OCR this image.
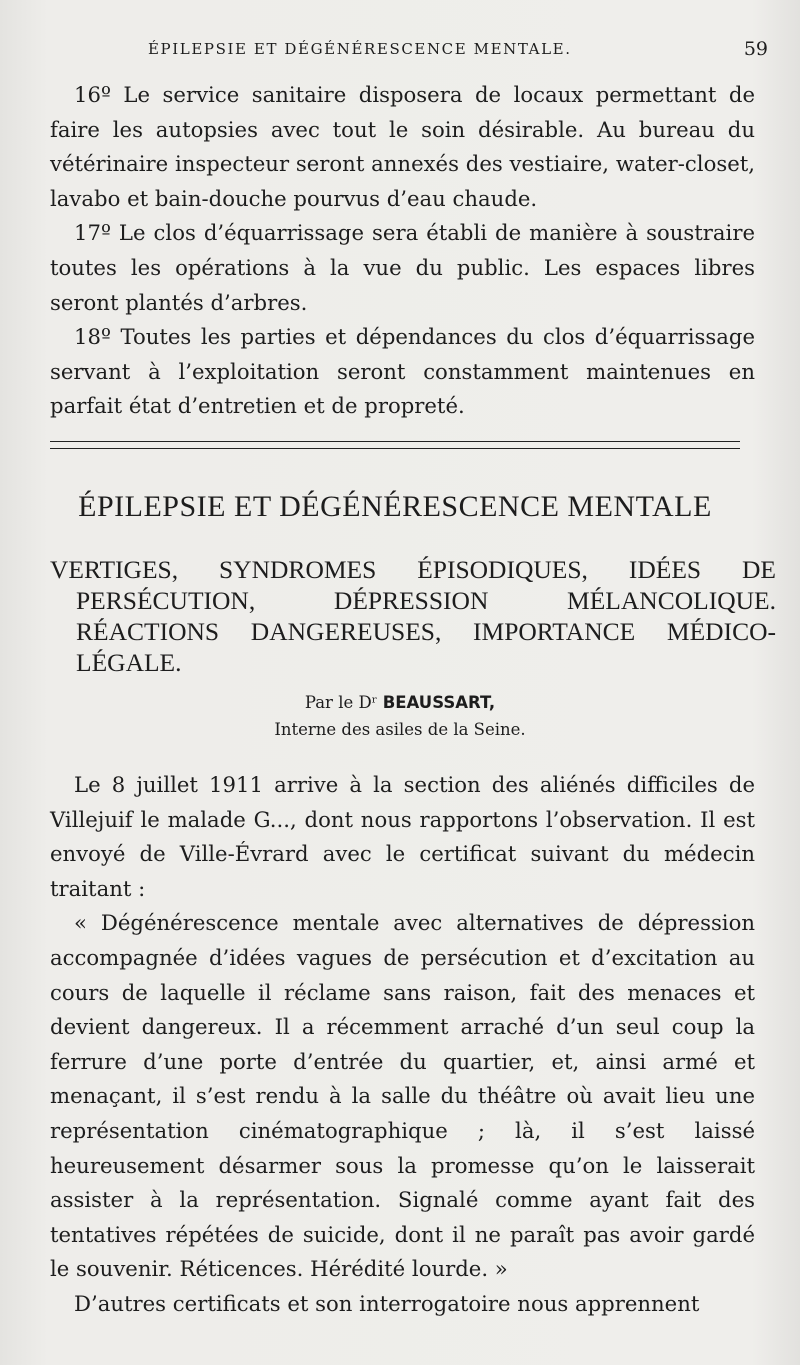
ÉPILEPSIE ET DÉGÉNÉRESCENCE MENTALE.	59

16º Le service sanitaire disposera de locaux permettant de faire les autopsies avec tout le soin désirable. Au bureau du vétérinaire inspecteur seront annexés des vestiaire, water-closet, lavabo et bain-douche pourvus d’eau chaude.

17º Le clos d’équarrissage sera établi de manière à soustraire toutes les opérations à la vue du public. Les espaces libres seront plantés d’arbres.

18º Toutes les parties et dépendances du clos d’équarrissage servant à l’exploitation seront constamment maintenues en parfait état d’entretien et de propreté.

ÉPILEPSIE ET DÉGÉNÉRESCENCE MENTALE

VERTIGES, SYNDROMES ÉPISODIQUES, IDÉES DE PERSÉCUTION, DÉPRESSION MÉLANCOLIQUE. RÉACTIONS DANGEREUSES, IMPORTANCE MÉDICO-LÉGALE.

Par le Dʳ BEAUSSART,
Interne des asiles de la Seine.

Le 8 juillet 1911 arrive à la section des aliénés difficiles de Villejuif le malade G..., dont nous rapportons l’observation. Il est envoyé de Ville-Évrard avec le certificat suivant du médecin traitant :

« Dégénérescence mentale avec alternatives de dépression accompagnée d’idées vagues de persécution et d’excitation au cours de laquelle il réclame sans raison, fait des menaces et devient dangereux. Il a récemment arraché d’un seul coup la ferrure d’une porte d’entrée du quartier, et, ainsi armé et menaçant, il s’est rendu à la salle du théâtre où avait lieu une représentation cinématographique ; là, il s’est laissé heureusement désarmer sous la promesse qu’on le laisserait assister à la représentation. Signalé comme ayant fait des tentatives répétées de suicide, dont il ne paraît pas avoir gardé le souvenir. Réticences. Hérédité lourde. »

D’autres certificats et son interrogatoire nous apprennent
